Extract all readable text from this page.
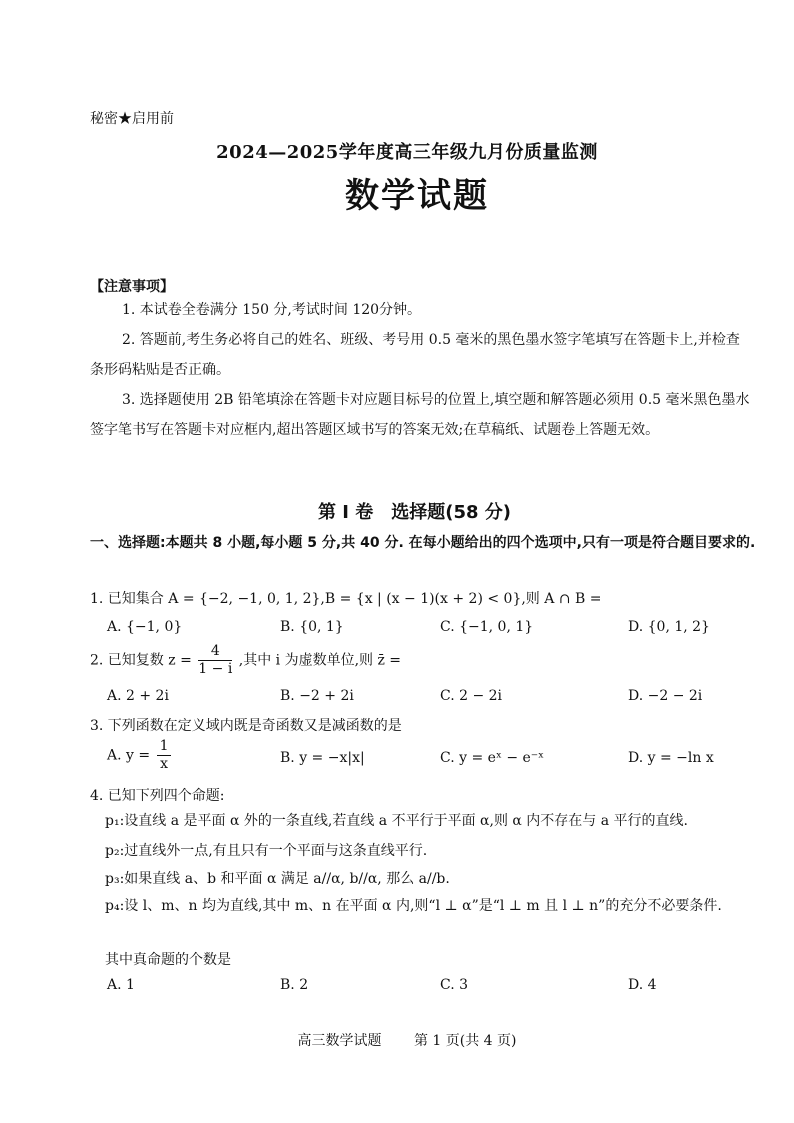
秘密★启用前
2024—2025学年度高三年级九月份质量监测
数学试题
【注意事项】
1. 本试卷全卷满分 150 分,考试时间 120分钟。
2. 答题前,考生务必将自己的姓名、班级、考号用 0.5 毫米的黑色墨水签字笔填写在答题卡上,并检查条形码粘贴是否正确。
3. 选择题使用 2B 铅笔填涂在答题卡对应题目标号的位置上,填空题和解答题必须用 0.5 毫米黑色墨水签字笔书写在答题卡对应框内,超出答题区域书写的答案无效;在草稿纸、试题卷上答题无效。
第 Ⅰ 卷　选择题(58 分)
一、选择题:本题共 8 小题,每小题 5 分,共 40 分. 在每小题给出的四个选项中,只有一项是符合题目要求的.
1. 已知集合 A = {−2, −1, 0, 1, 2},B = {x | (x − 1)(x + 2) < 0},则 A ∩ B =
A. {−1, 0}	B. {0, 1}	C. {−1, 0, 1}	D. {0, 1, 2}
2. 已知复数 $z = \frac{4}{1 - i}$ ,其中 i 为虚数单位,则 z̄ =
A. 2 + 2i	B. −2 + 2i	C. 2 − 2i	D. −2 − 2i
3. 下列函数在定义域内既是奇函数又是减函数的是
A. $y = \frac{1}{x}$	B. y = −x|x|	C. y = eˣ − e⁻ˣ	D. y = −ln x
4. 已知下列四个命题:
p₁:设直线 a 是平面 α 外的一条直线,若直线 a 不平行于平面 α,则 α 内不存在与 a 平行的直线.
p₂:过直线外一点,有且只有一个平面与这条直线平行.
p₃:如果直线 a、b 和平面 α 满足 a//α, b//α, 那么 a//b.
p₄:设 l、m、n 均为直线,其中 m、n 在平面 α 内,则“l ⊥ α”是“l ⊥ m 且 l ⊥ n”的充分不必要条件.
其中真命题的个数是
A. 1	B. 2	C. 3	D. 4
高三数学试题 第 1 页(共 4 页)
